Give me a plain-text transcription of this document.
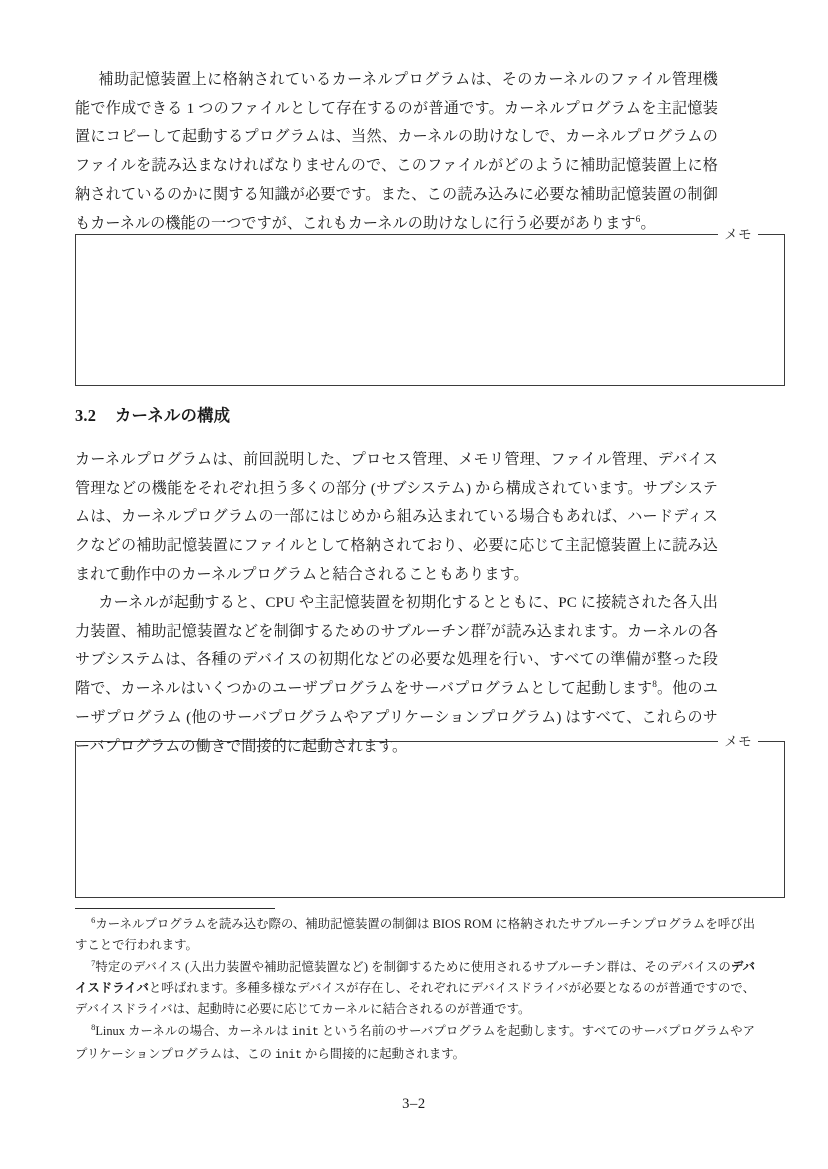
補助記憶装置上に格納されているカーネルプログラムは、そのカーネルのファイル管理機能で作成できる 1 つのファイルとして存在するのが普通です。カーネルプログラムを主記憶装置にコピーして起動するプログラムは、当然、カーネルの助けなしで、カーネルプログラムのファイルを読み込まなければなりませんので、このファイルがどのように補助記憶装置上に格納されているのかに関する知識が必要です。また、この読み込みに必要な補助記憶装置の制御もカーネルの機能の一つですが、これもカーネルの助けなしに行う必要があります$^6$。

メモ
3.2 カーネルの構成

カーネルプログラムは、前回説明した、プロセス管理、メモリ管理、ファイル管理、デバイス管理などの機能をそれぞれ担う多くの部分 (サブシステム) から構成されています。サブシステムは、カーネルプログラムの一部にはじめから組み込まれている場合もあれば、ハードディスクなどの補助記憶装置にファイルとして格納されており、必要に応じて主記憶装置上に読み込まれて動作中のカーネルプログラムと結合されることもあります。

カーネルが起動すると、CPU や主記憶装置を初期化するとともに、PC に接続された各入出力装置、補助記憶装置などを制御するためのサブルーチン群$^7$が読み込まれます。カーネルの各サブシステムは、各種のデバイスの初期化などの必要な処理を行い、すべての準備が整った段階で、カーネルはいくつかのユーザプログラムをサーバプログラムとして起動します$^8$。他のユーザプログラム (他のサーバプログラムやアプリケーションプログラム) はすべて、これらのサーバプログラムの働きで間接的に起動されます。	メモ

$^6$カーネルプログラムを読み込む際の、補助記憶装置の制御は BIOS ROM に格納されたサブルーチンプログラムを呼び出すことで行われます。

$^7$特定のデバイス (入出力装置や補助記憶装置など) を制御するために使用されるサブルーチン群は、そのデバイスのデバイスドライバと呼ばれます。多種多様なデバイスが存在し、それぞれにデバイスドライバが必要となるのが普通ですので、デバイスドライバは、起動時に必要に応じてカーネルに結合されるのが普通です。

$^8$Linux カーネルの場合、カーネルは init という名前のサーバプログラムを起動します。すべてのサーバプログラムやアプリケーションプログラムは、この init から間接的に起動されます。

3–2
